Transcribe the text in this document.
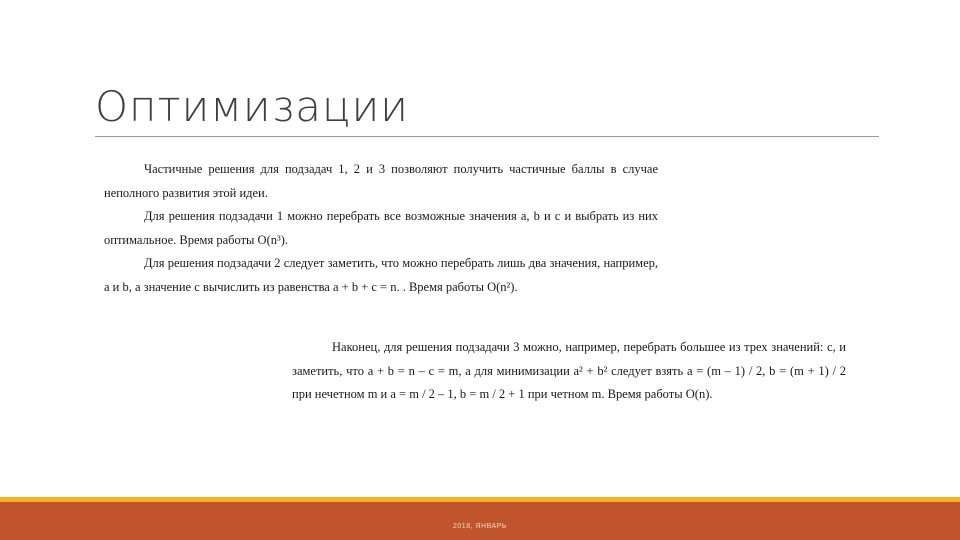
Оптимизации

Частичные решения для подзадач 1, 2 и 3 позволяют получить частичные баллы в случае неполного развития этой идеи.

Для решения подзадачи 1 можно перебрать все возможные значения a, b и c и выбрать из них оптимальное. Время работы O(n³).

Для решения подзадачи 2 следует заметить, что можно перебрать лишь два значения, например, a и b, а значение c вычислить из равенства a + b + c = n. . Время работы O(n²).

Наконец, для решения подзадачи 3 можно, например, перебрать большее из трех значений: c, и заметить, что a + b = n – c = m, а для минимизации a² + b² следует взять a = (m – 1) / 2, b = (m + 1) / 2 при нечетном m и a = m / 2 – 1, b = m / 2 + 1 при четном m. Время работы O(n).

2018, ЯНВАРЬ
